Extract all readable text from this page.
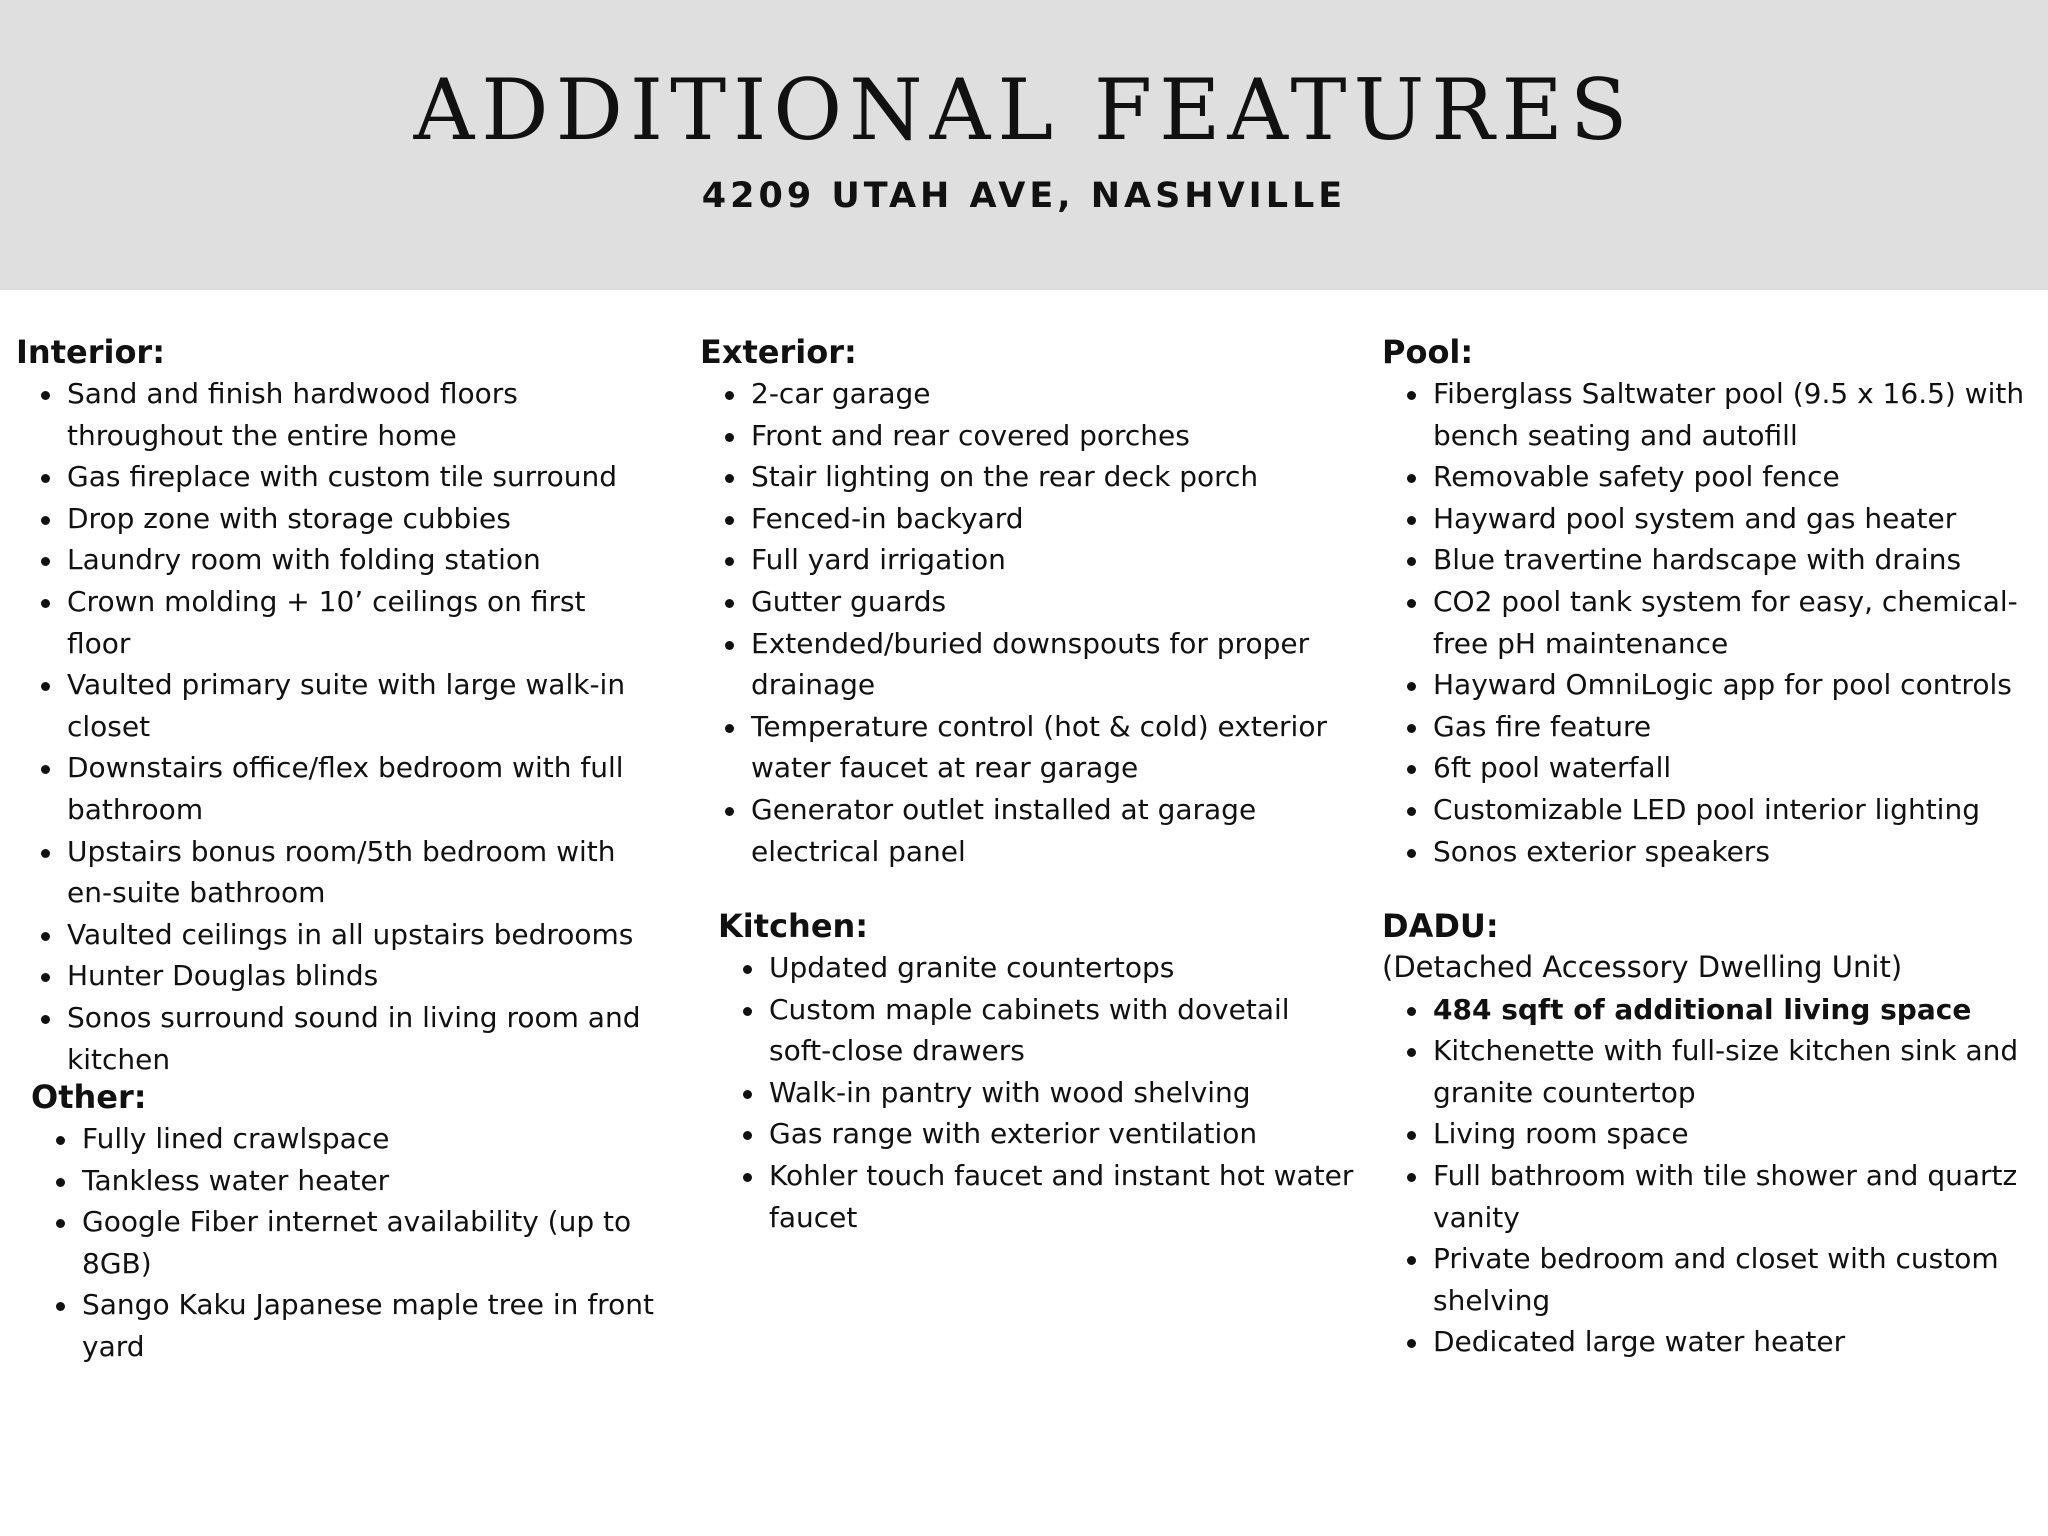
ADDITIONAL FEATURES
4209 UTAH AVE, NASHVILLE
Interior:
Sand and finish hardwood floors throughout the entire home
Gas fireplace with custom tile surround
Drop zone with storage cubbies
Laundry room with folding station
Crown molding + 10’ ceilings on first floor
Vaulted primary suite with large walk-in closet
Downstairs office/flex bedroom with full bathroom
Upstairs bonus room/5th bedroom with en-suite bathroom
Vaulted ceilings in all upstairs bedrooms
Hunter Douglas blinds
Sonos surround sound in living room and kitchen
Other:
Fully lined crawlspace
Tankless water heater
Google Fiber internet availability (up to 8GB)
Sango Kaku Japanese maple tree in front yard
Exterior:
2-car garage
Front and rear covered porches
Stair lighting on the rear deck porch
Fenced-in backyard
Full yard irrigation
Gutter guards
Extended/buried downspouts for proper drainage
Temperature control (hot & cold) exterior water faucet at rear garage
Generator outlet installed at garage electrical panel
Kitchen:
Updated granite countertops
Custom maple cabinets with dovetail soft-close drawers
Walk-in pantry with wood shelving
Gas range with exterior ventilation
Kohler touch faucet and instant hot water faucet
Pool:
Fiberglass Saltwater pool (9.5 x 16.5) with bench seating and autofill
Removable safety pool fence
Hayward pool system and gas heater
Blue travertine hardscape with drains
CO2 pool tank system for easy, chemical-free pH maintenance
Hayward OmniLogic app for pool controls
Gas fire feature
6ft pool waterfall
Customizable LED pool interior lighting
Sonos exterior speakers
DADU:
(Detached Accessory Dwelling Unit)
484 sqft of additional living space
Kitchenette with full-size kitchen sink and granite countertop
Living room space
Full bathroom with tile shower and quartz vanity
Private bedroom and closet with custom shelving
Dedicated large water heater
